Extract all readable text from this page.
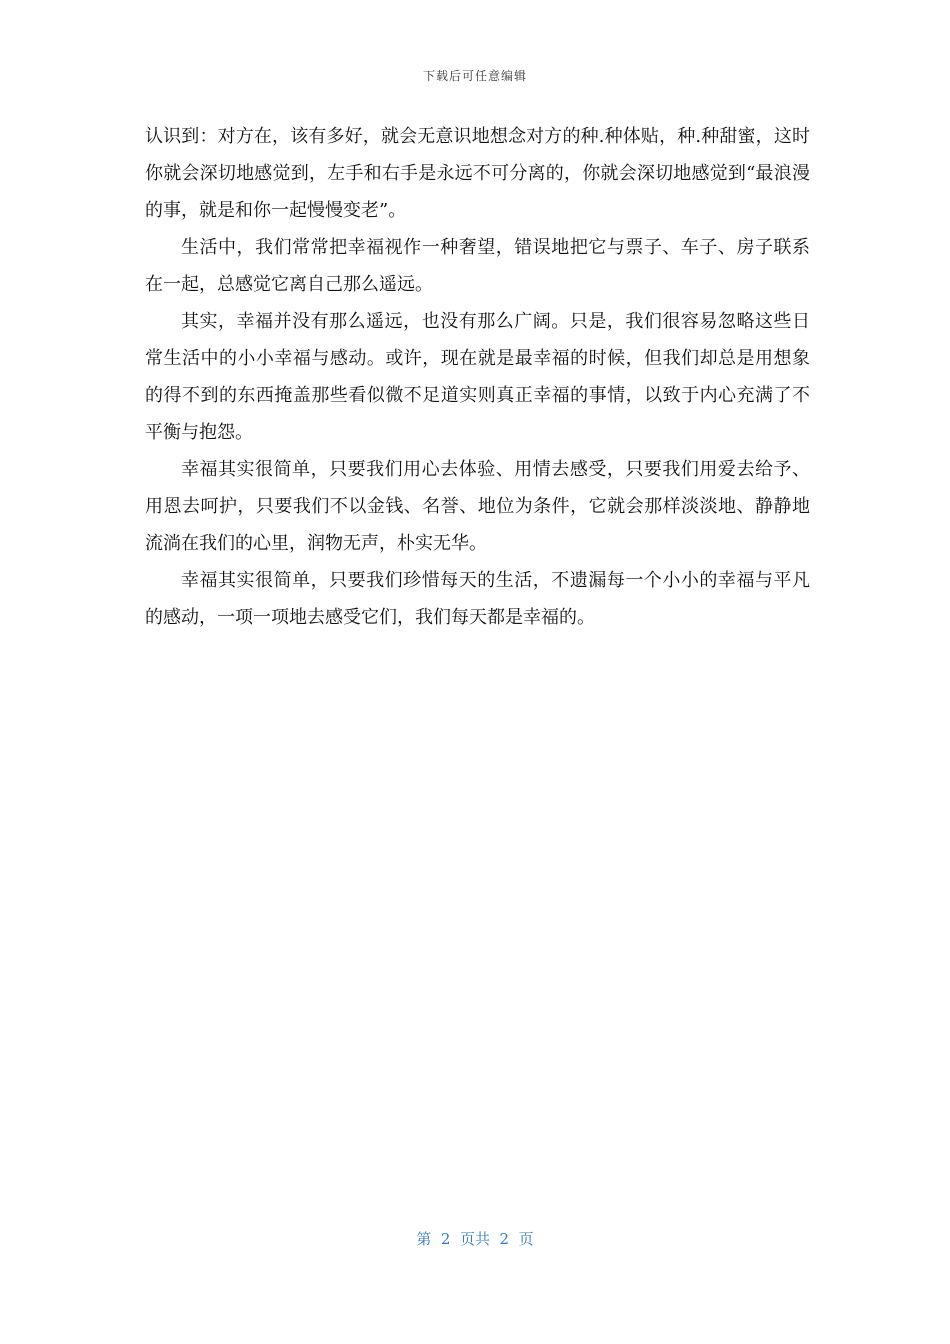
下载后可任意编辑

认识到：对方在，该有多好，就会无意识地想念对方的种.种体贴，种.种甜蜜，这时你就会深切地感觉到，左手和右手是永远不可分离的，你就会深切地感觉到“最浪漫的事，就是和你一起慢慢变老”。

生活中，我们常常把幸福视作一种奢望，错误地把它与票子、车子、房子联系在一起，总感觉它离自己那么遥远。

其实，幸福并没有那么遥远，也没有那么广阔。只是，我们很容易忽略这些日常生活中的小小幸福与感动。或许，现在就是最幸福的时候，但我们却总是用想象的得不到的东西掩盖那些看似微不足道实则真正幸福的事情，以致于内心充满了不平衡与抱怨。

幸福其实很简单，只要我们用心去体验、用情去感受，只要我们用爱去给予、用恩去呵护，只要我们不以金钱、名誉、地位为条件，它就会那样淡淡地、静静地流淌在我们的心里，润物无声，朴实无华。

幸福其实很简单，只要我们珍惜每天的生活，不遗漏每一个小小的幸福与平凡的感动，一项一项地去感受它们，我们每天都是幸福的。

第  2  页共  2  页
